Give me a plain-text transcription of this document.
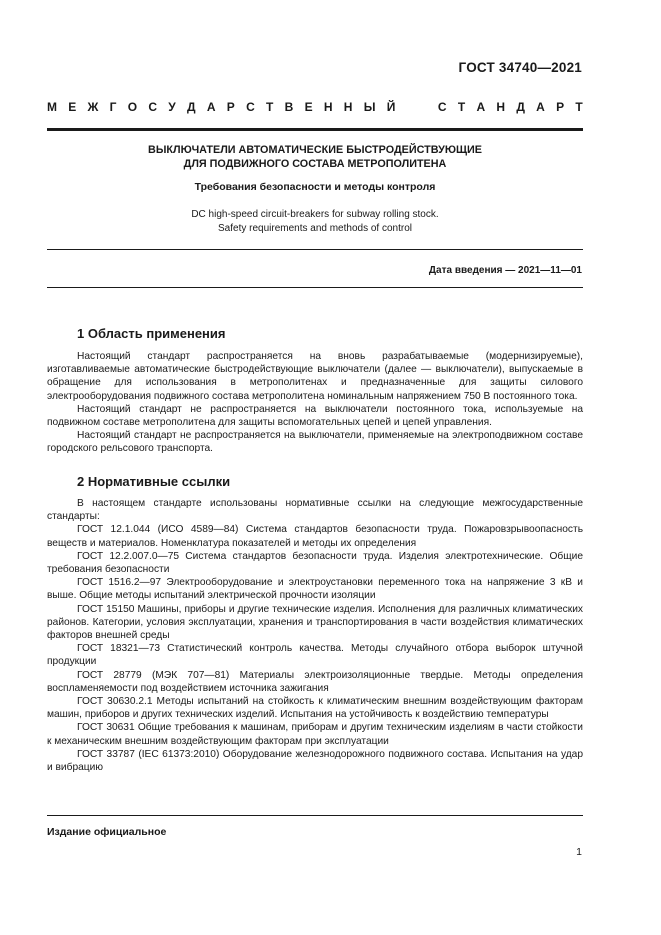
ГОСТ 34740—2021
М Е Ж Г О С У Д А Р С Т В Е Н Н Ы Й
	С Т А Н Д А Р Т
ВЫКЛЮЧАТЕЛИ АВТОМАТИЧЕСКИЕ БЫСТРОДЕЙСТВУЮЩИЕ
ДЛЯ ПОДВИЖНОГО СОСТАВА МЕТРОПОЛИТЕНА
Требования безопасности и методы контроля
DC high-speed circuit-breakers for subway rolling stock.
Safety requirements and methods of control
Дата введения — 2021—11—01
1 Область применения

Настоящий стандарт распространяется на вновь разрабатываемые (модернизируемые), изготавливаемые автоматические быстродействующие выключатели (далее — выключатели), выпускаемые в обращение для использования в метрополитенах и предназначенные для защиты силового электрооборудования подвижного состава метрополитена номинальным напряжением 750 В постоянного тока.

Настоящий стандарт не распространяется на выключатели постоянного тока, используемые на подвижном составе метрополитена для защиты вспомогательных цепей и цепей управления.

Настоящий стандарт не распространяется на выключатели, применяемые на электроподвижном составе городского рельсового транспорта.

2 Нормативные ссылки

В настоящем стандарте использованы нормативные ссылки на следующие межгосударственные стандарты:

ГОСТ 12.1.044 (ИСО 4589—84) Система стандартов безопасности труда. Пожаровзрывоопасность веществ и материалов. Номенклатура показателей и методы их определения

ГОСТ 12.2.007.0—75 Система стандартов безопасности труда. Изделия электротехнические. Общие требования безопасности

ГОСТ 1516.2—97 Электрооборудование и электроустановки переменного тока на напряжение 3 кВ и выше. Общие методы испытаний электрической прочности изоляции

ГОСТ 15150 Машины, приборы и другие технические изделия. Исполнения для различных климатических районов. Категории, условия эксплуатации, хранения и транспортирования в части воздействия климатических факторов внешней среды

ГОСТ 18321—73 Статистический контроль качества. Методы случайного отбора выборок штучной продукции

ГОСТ 28779 (МЭК 707—81) Материалы электроизоляционные твердые. Методы определения воспламеняемости под воздействием источника зажигания

ГОСТ 30630.2.1 Методы испытаний на стойкость к климатическим внешним воздействующим факторам машин, приборов и других технических изделий. Испытания на устойчивость к воздействию температуры

ГОСТ 30631 Общие требования к машинам, приборам и другим техническим изделиям в части стойкости к механическим внешним воздействующим факторам при эксплуатации

ГОСТ 33787 (IEC 61373:2010) Оборудование железнодорожного подвижного состава. Испытания на удар и вибрацию

Издание официальное
1
